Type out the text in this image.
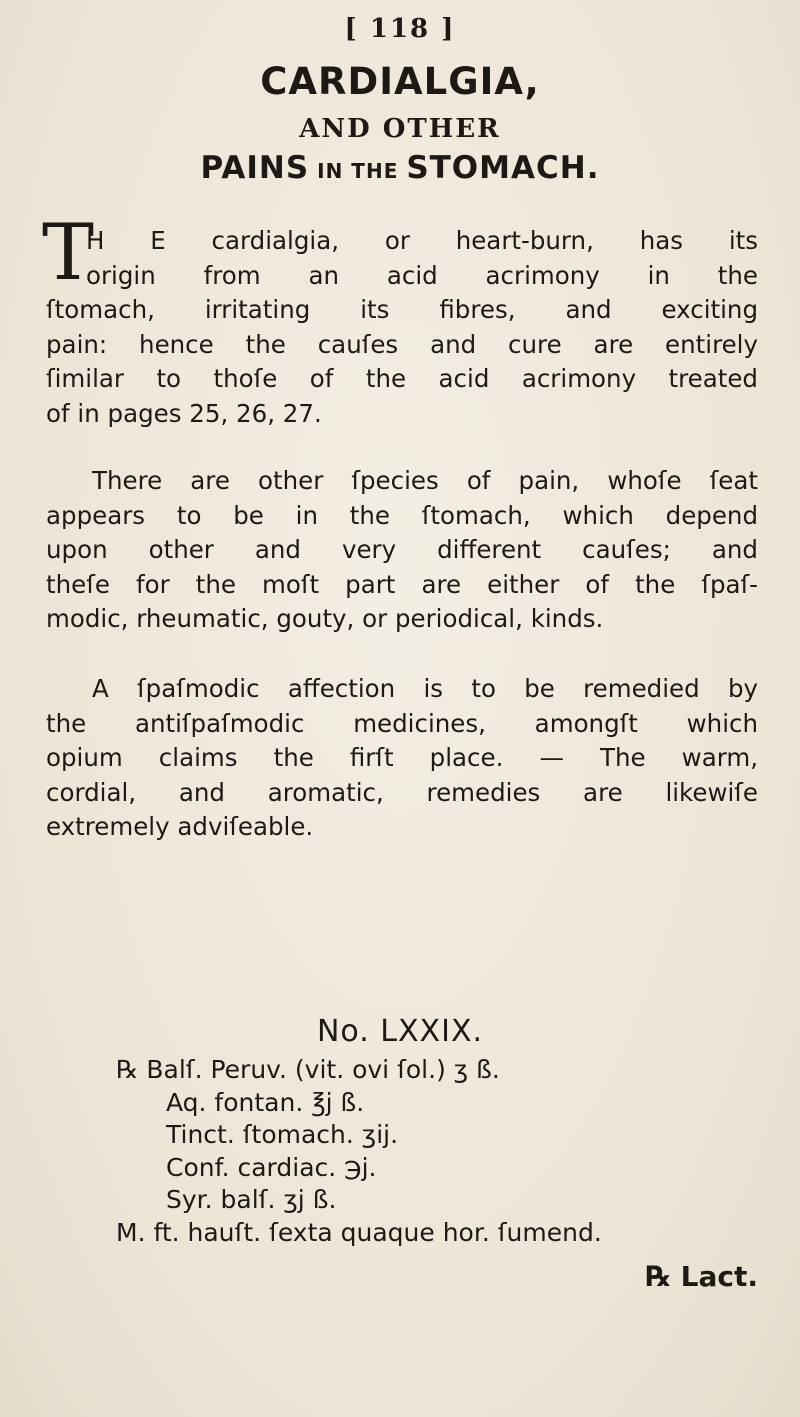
[ 118 ]
CARDIALGIA,
AND OTHER
PAINS IN THE STOMACH.
T
H E cardialgia, or heart-burn, has its
origin from an acid acrimony in the
ſtomach, irritating its fibres, and exciting
pain: hence the cauſes and cure are entirely
ſimilar to thoſe of the acid acrimony treated
of in pages 25, 26, 27.
There are other ſpecies of pain, whoſe ſeat
appears to be in the ſtomach, which depend
upon other and very different cauſes; and
theſe for the moſt part are either of the ſpaſ-
modic, rheumatic, gouty, or periodical, kinds.
A ſpaſmodic affection is to be remedied by
the antiſpaſmodic medicines, amongſt which
opium claims the firſt place. — The warm,
cordial, and aromatic, remedies are likewiſe
extremely adviſeable.
No. LXXIX.
℞ Balſ. Peruv. (vit. ovi ſol.) ʒ ß.
Aq. fontan. ℥j ß.
Tinct. ſtomach. ʒij.
Conf. cardiac. ℈j.
Syr. balſ. ʒj ß.
M. ft. hauſt. ſexta quaque hor. ſumend.
℞ Lact.
